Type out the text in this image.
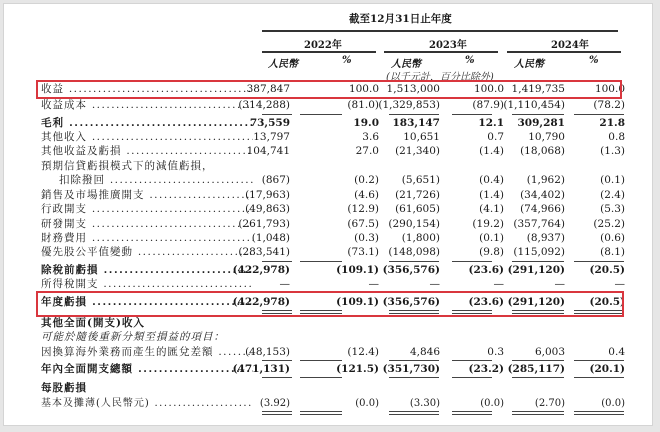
截至12月31日止年度
2022年	2023年	2024年
人民幣	%	人民幣	%	人民幣	%
(以千元計，百分比除外)
收益 .....	387,847	100.0 1,513,000	100.0 1,419,735	100.0
收益成本 .....	(314,288)	(81.0) (1,329,853)	(87.9) (1,110,454)	(78.2)
毛利 .....	73,559	19.0 183,147	12.1 309,281	21.8
其他收入 .....	13,797	3.6 10,651	0.7 10,790	0.8
其他收益及虧損 .....	104,741	27.0 (21,340)	(1.4) (18,068)	(1.3)
預期信貸虧損模式下的減值虧損，
扣除撥回 .....	(867)	(0.2) (5,651)	(0.4) (1,962)	(0.1)
銷售及市場推廣開支 .....	(17,963)	(4.6) (21,726)	(1.4) (34,402)	(2.4)
行政開支 .....	(49,863)	(12.9) (61,605)	(4.1) (74,966)	(5.3)
研發開支 .....	(261,793)	(67.5) (290,154)	(19.2) (357,764)	(25.2)
財務費用 .....	(1,048)	(0.3) (1,800)	(0.1) (8,937)	(0.6)
優先股公平值變動 .....	(283,541)	(73.1) (148,098)	(9.8) (115,092)	(8.1)
除稅前虧損 .....	(422,978)	(109.1) (356,576)	(23.6) (291,120) (20.5)
所得稅開支 .....	—	—	—	—	—	—
年度虧損 .....	(422,978)	(109.1) (356,576)	(23.6) (291,120) (20.5)
其他全面(開支)收入
可能於隨後重新分類至損益的項目：
因換算海外業務而產生的匯兌差額 .....	(48,153)	(12.4)	4,846	0.3	6,003	0.4
年內全面開支總額 .....	(471,131)	(121.5) (351,730)	(23.2) (285,117) (20.1)
每股虧損
基本及攤薄(人民幣元) .....	(3.92)	(0.0)	(3.30)	(0.0)	(2.70)	(0.0)
